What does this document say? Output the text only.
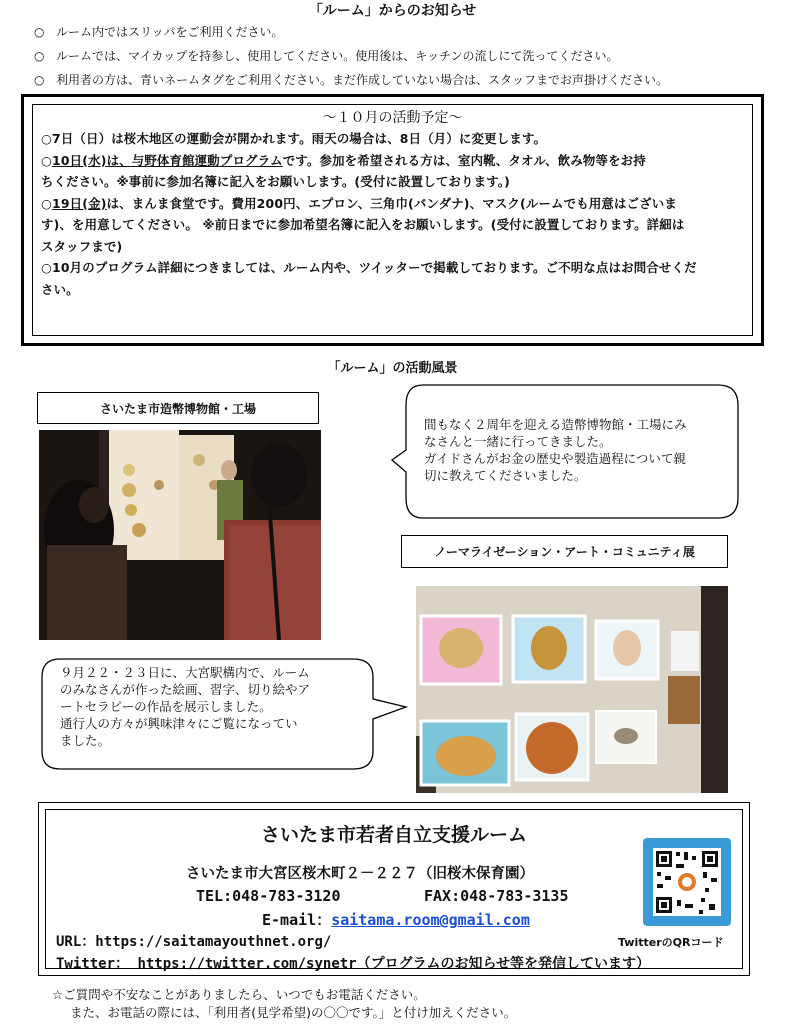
「ルーム」からのお知らせ
○ ルーム内ではスリッパをご利用ください。
○ ルームでは、マイカップを持参し、使用してください。使用後は、キッチンの流しにて洗ってください。
○ 利用者の方は、青いネームタグをご利用ください。まだ作成していない場合は、スタッフまでお声掛けください。
～１０月の活動予定～
○7日（日）は桜木地区の運動会が開かれます。雨天の場合は、8日（月）に変更します。
○10日(水)は、与野体育館運動プログラムです。参加を希望される方は、室内靴、タオル、飲み物等をお持
ちください。※事前に参加名簿に記入をお願いします。(受付に設置しております。)
○19日(金)は、まんま食堂です。費用200円、エプロン、三角巾(バンダナ)、マスク(ルームでも用意はございま
す)、を用意してください。 ※前日までに参加希望名簿に記入をお願いします。(受付に設置しております。詳細は
スタッフまで)
○10月のプログラム詳細につきましては、ルーム内や、ツイッターで掲載しております。ご不明な点はお問合せくだ
さい。
「ルーム」の活動風景
さいたま市造幣博物館・工場
間もなく２周年を迎える造幣博物館・工場にみ
なさんと一緒に行ってきました。
ガイドさんがお金の歴史や製造過程について親
切に教えてくださいました。
ノーマライゼーション・アート・コミュニティ展
９月２２・２３日に、大宮駅構内で、ルーム
のみなさんが作った絵画、習字、切り絵やア
ートセラピーの作品を展示しました。
通行人の方々が興味津々にご覧になってい
ました。
さいたま市若者自立支援ルーム
さいたま市大宮区桜木町２－２２７（旧桜木保育園）
TEL:048-783-3120	FAX:048-783-3135
E-mail：saitama.room@gmail.com
URL：https://saitamayouthnet.org/
Twitter： https://twitter.com/synetr（プログラムのお知らせ等を発信しています）
TwitterのQRコード
☆ご質問や不安なことがありましたら、いつでもお電話ください。
また、お電話の際には、「利用者(見学希望)の〇〇です。」と付け加えください。
